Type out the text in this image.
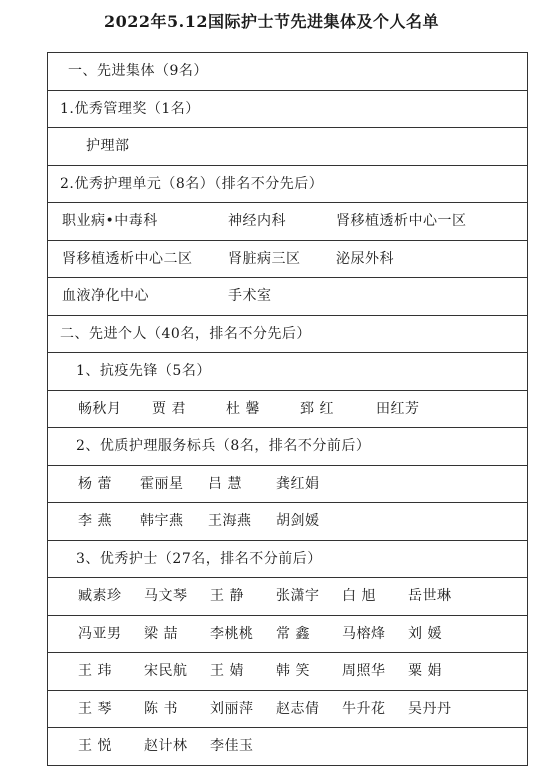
2022年5.12国际护士节先进集体及个人名单
一、先进集体（9名）

1.优秀管理奖（1名）

护理部

2.优秀护理单元（8名）（排名不分先后）

职业病•中毒科	神经内科	肾移植透析中心一区

肾移植透析中心二区	肾脏病三区	泌尿外科

血液净化中心	手术室

二、先进个人（40名，排名不分先后）

1、抗疫先锋（5名）

畅秋月	贾 君	杜 馨	郅 红	田红芳

2、优质护理服务标兵（8名，排名不分前后）

杨 蕾	霍丽星	吕 慧	龚红娟

李 燕	韩宇燕	王海燕	胡剑媛

3、优秀护士（27名，排名不分前后）

臧素珍	马文琴	王 静	张潇宇	白 旭	岳世琳

冯亚男	梁 喆	李桃桃	常 鑫	马榕烽	刘 媛

王 玮	宋民航	王 婧	韩 笑	周照华	粟 娟

王 琴	陈 书	刘丽萍	赵志倩	牛升花	吴丹丹

王 悦	赵计林	李佳玉
